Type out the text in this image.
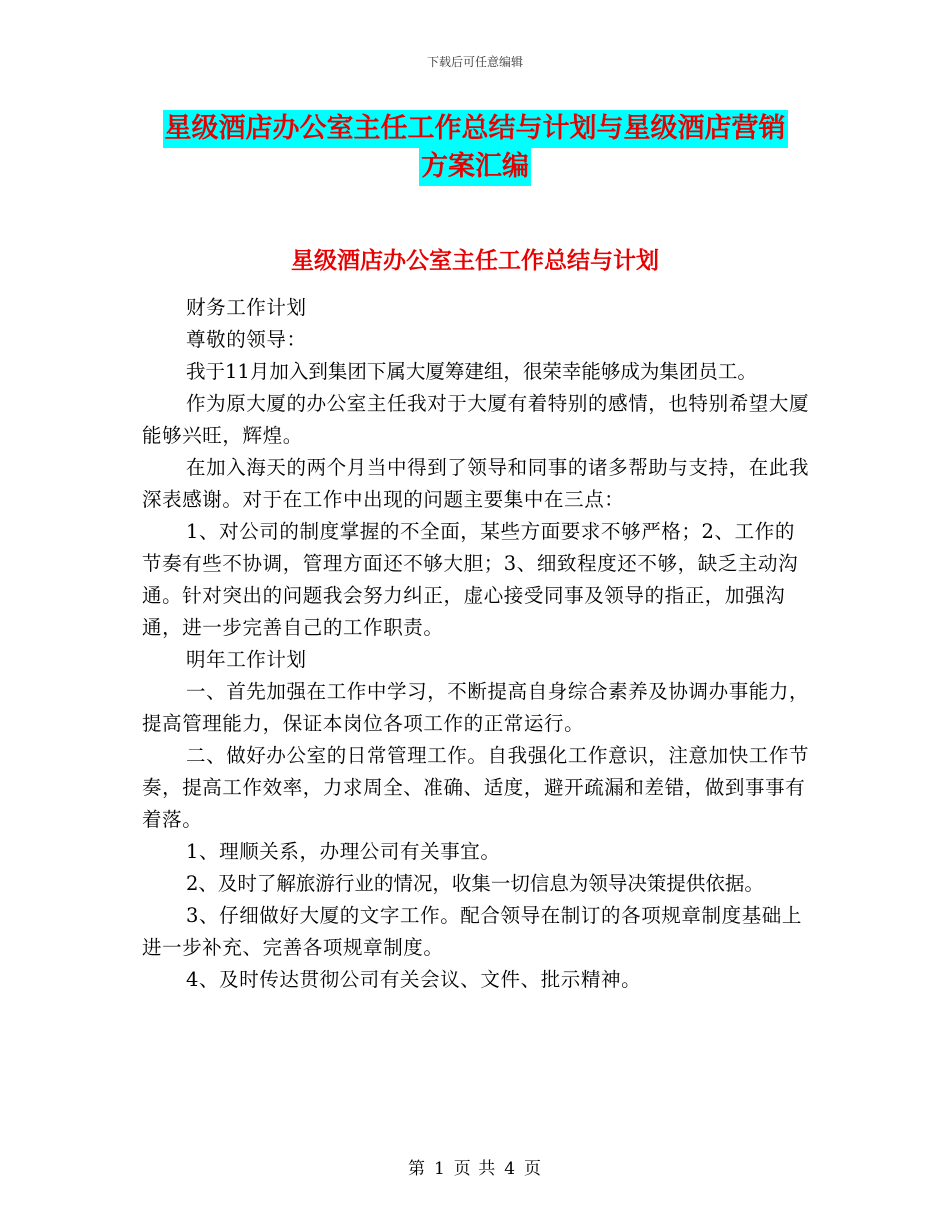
下载后可任意编辑
星级酒店办公室主任工作总结与计划与星级酒店营销
方案汇编
星级酒店办公室主任工作总结与计划

财务工作计划

尊敬的领导：

我于11月加入到集团下属大厦筹建组，很荣幸能够成为集团员工。

作为原大厦的办公室主任我对于大厦有着特别的感情，也特别希望大厦能够兴旺，辉煌。

在加入海天的两个月当中得到了领导和同事的诸多帮助与支持，在此我深表感谢。对于在工作中出现的问题主要集中在三点：

1、对公司的制度掌握的不全面，某些方面要求不够严格；2、工作的节奏有些不协调，管理方面还不够大胆；3、细致程度还不够，缺乏主动沟通。针对突出的问题我会努力纠正，虚心接受同事及领导的指正，加强沟通，进一步完善自己的工作职责。

明年工作计划

一、首先加强在工作中学习，不断提高自身综合素养及协调办事能力，提高管理能力，保证本岗位各项工作的正常运行。

二、做好办公室的日常管理工作。自我强化工作意识，注意加快工作节奏，提高工作效率，力求周全、准确、适度，避开疏漏和差错，做到事事有着落。

1、理顺关系，办理公司有关事宜。

2、及时了解旅游行业的情况，收集一切信息为领导决策提供依据。

3、仔细做好大厦的文字工作。配合领导在制订的各项规章制度基础上进一步补充、完善各项规章制度。

4、及时传达贯彻公司有关会议、文件、批示精神。

第 1 页 共 4 页
